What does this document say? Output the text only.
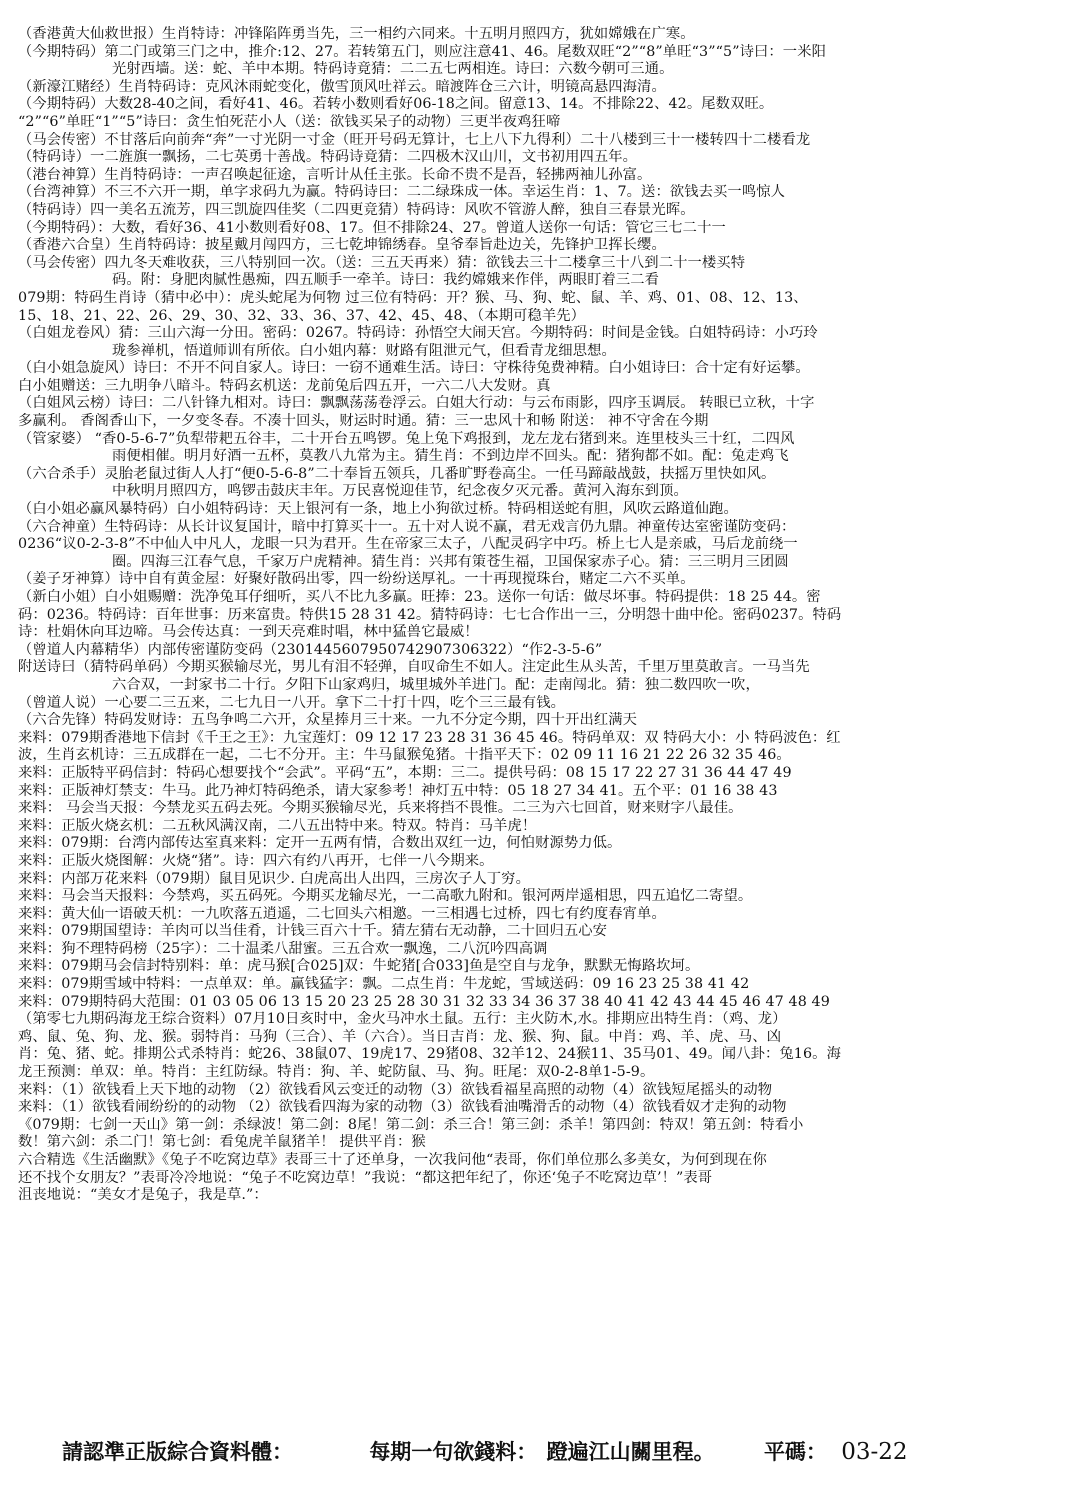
（香港黄大仙救世报）生肖特诗：冲锋陷阵勇当先，三一相约六同来。十五明月照四方，犹如嫦娥在广寒。
（今期特码）第二门或第三门之中，推介:12、27。若转第五门，则应注意41、46。尾数双旺“2”“8”单旺“3”“5”诗曰：一米阳
光射西墙。送：蛇、羊中本期。特码诗竟猜：二二五七两相连。诗曰：六数今朝可三通。
（新濠江赌经）生肖特码诗：克风沐雨蛇变化，傲雪顶风吐祥云。暗渡阵仓三六计，明镜高悬四海清。
（今期特码）大数28-40之间，看好41、46。若转小数则看好06-18之间。留意13、14。不排除22、42。尾数双旺。
“2”“6”单旺“1”“5”诗曰：贪生怕死茫小人（送：欲钱买呆子的动物）三更半夜鸡狂啼
（马会传密）不甘落后向前奔“奔”一寸光阴一寸金（旺开号码无算计，七上八下九得利）二十八楼到三十一楼转四十二楼看龙
（特码诗）一二旌旗一飘扬，二七英勇十善战。特码诗竟猜：二四极木汉山川，文书初用四五年。
（港台神算）生肖特码诗：一声召唤起征途，言听计从任主张。长命不贵不是吾，轻拂两袖儿孙富。
（台湾神算）不三不六开一期，单字求码九为赢。特码诗曰：二二绿珠成一体。幸运生肖：1、7。送：欲钱去买一鸣惊人
（特码诗）四一美名五流芳，四三凯旋四佳奖（二四更竞猜）特码诗：风吹不管游人醉，独自三春景光晖。
（今期特码）：大数，看好36、41小数则看好08、17。但不排除24、27。曾道人送你一句话：管它三七二十一
（香港六合皇）生肖特码诗：披星戴月闯四方，三七乾坤锦绣春。皇爷奉旨赴边关，先锋护卫挥长缨。
（马会传密）四九冬天难收获，三八特别回一次。（送：三五天再来）猜：欲钱去三十二楼拿三十八到二十一楼买特
码。附：身肥肉腻性愚痴，四五顺手一牵羊。诗曰：我约嫦娥来作伴，两眼盯着三二看
079期：特码生肖诗（猜中必中）：虎头蛇尾为何物 过三位有特码：开？猴、马、狗、蛇、鼠、羊、鸡、01、08、12、13、
15、18、21、22、26、29、30、32、33、36、37、42、45、48、（本期可稳羊先）
（白姐龙卷风）猜：三山六海一分田。密码：0267。特码诗：孙悟空大闹天宫。今期特码：时间是金钱。白姐特码诗：小巧玲
珑参禅机，悟道师训有所依。白小姐内幕：财路有阻泄元气，但看青龙细思想。
（白小姐急旋风）诗曰：不开不问自家人。诗曰：一窃不通难生活。诗曰：守株待兔费神精。白小姐诗曰：合十定有好运攀。
白小姐赠送：三九明争八暗斗。特码玄机送：龙前兔后四五开，一六二八大发财。真
（白姐风云榜）诗曰：二八针锋九相对。诗曰：飘飘荡荡卷浮云。白姐大行动：与云布雨影，四序玉调辰。 转眼已立秋，十字
多赢利。 香阁香山下，一夕变冬春。不凑十回头，财运时时通。猜：三一忠风十和畅 附送： 神不守舍在今期
（管家婆） “香0-5-6-7”负犁带耙五谷丰，二十开台五鸣锣。兔上兔下鸡报到，龙左龙右猪到来。连里枝头三十红，二四风
雨便相催。明月好酒一五杯，莫教八九常为主。猜生肖：不到边岸不回头。配：猪狗都不如。配：兔走鸡飞
（六合杀手）灵胎老鼠过街人人打“便0-5-6-8”二十奉旨五领兵，几番旷野卷高尘。一任马蹄敲战鼓，扶摇万里快如风。
中秋明月照四方，鸣锣击鼓庆丰年。万民喜悦迎佳节，纪念夜夕灭元番。黄河入海东到顶。
（白小姐必赢风暴特码）白小姐特码诗：天上银河有一条，地上小狗欲过桥。特码相送蛇有胆，风吹云路道仙跑。
（六合神童）生特码诗：从长计议复国计，暗中打算买十一。五十对人说不赢，君无戏言仍九鼎。神童传达室密谨防变码：
0236“议0-2-3-8”不中仙人中凡人，龙眼一只为君开。生在帝家三太子，八配灵码字中巧。桥上七人是亲戚，马后龙前绕一
圈。四海三江春气息，千家万户虎精神。猜生肖：兴邦有策苍生福，卫国保家赤子心。猜：三三明月三团圆
（姜子牙神算）诗中自有黄金屋：好聚好散码出零，四一纷纷送厚礼。一十再现搅珠台，赌定二六不买单。
（新白小姐）白小姐赐赠：洗净兔耳仔细听，买八不比九多赢。旺捧：23。送你一句话：做尽坏事。特码提供：18 25 44。密
码：0236。特码诗：百年世事：历来富贵。特供15 28 31 42。猜特码诗：七七合作出一三，分明怨十曲中伦。密码0237。特码
诗：杜娟休向耳边啼。马会传达真：一到天亮难时唱，林中猛兽它最威！
（曾道人内幕精华）内部传密谨防变码（23014456079507429073063​22）“作2-3-5-6”
附送诗曰（猜特码单码）今期买猴输尽光，男儿有泪不轻弹，自叹命生不如人。注定此生从头苦，千里万里莫敢言。一马当先
六合双，一封家书二十行。夕阳下山家鸡归，城里城外羊进门。配：走南闯北。猜：独二数四吹一吹，
（曾道人说）一心要二三五来，二七九日一八开。拿下二十打十四，吃个三三最有钱。
（六合先锋）特码发财诗：五鸟争鸣二六开，众星捧月三十来。一九不分定今期，四十开出红满天
来料：079期香港地下信封《千王之王》：九宝莲灯：09 12 17 23 28 31 36 45 46。特码单双：双 特码大小：小 特码波色：红
波，生肖玄机诗：三五成群在一起，二七不分开。主：牛马鼠猴兔猪。十指平天下：02 09 11 16 21 22 26 32 35 46。
来料：正版特平码信封：特码心想要找个“会武”。平码“五”，本期：三二。提供号码：08 15 17 22 27 31 36 44 47 49
来料：正版神灯禁支：牛马。此乃神灯特码绝杀，请大家参考！神灯五中特：05 18 27 34 41。五个平：01 16 38 43
来料： 马会当天报：今禁龙买五码去死。今期买猴输尽光，兵来将挡不畏惟。二三为六七回首，财来财字八最佳。
来料：正版火烧玄机：二五秋风满汉南，二八五出特中来。特双。特肖：马羊虎！
来料：079期：台湾内部传达室真来料：定开一五两有情，合数出双红一边，何怕财源势力低。
来料：正版火烧图解：火烧“猪”。诗：四六有约八再开，七伴一八今期来。
来料：内部万花来料（079期）鼠目见识少. 白虎高出人出四，三房次子人丁穷。
来料：马会当天报料：今禁鸡，买五码死。今期买龙输尽光，一二高歌九附和。银河两岸遥相思，四五追忆二寄望。
来料：黄大仙一语破天机：一九吹落五逍遥，二七回头六相邀。一三相遇七过桥，四七有约度春宵单。
来料：079期国望诗：羊肉可以当佳肴，计钱三百六十千。猜左猜右无动静，二十回归五心安
来料：狗不理特码榜（25字）：二十温柔八甜蜜。三五合欢一飘逸，二八沉吟四高调
来料：079期马会信封特别料：单：虎马猴[合025]双：牛蛇猪[合033]鱼是空自与龙争，默默无悔路坎坷。
来料：079期雪域中特料：一点单双：单。赢钱猛字：飘。二点生肖：牛龙蛇，雪域送码：09 16 23 25 38 41 42
来料：079期特码大范围：01 03 05 06 13 15 20 23 25 28 30 31 32 33 34 36 37 38 40 41 42 43 44 45 46 47 48 49
（第零七九期码海龙王综合资料）07月10日亥时中，金火马冲水土鼠。五行：主火防木,水。排期应出特生肖：（鸡、龙）
鸡、鼠、兔、狗、龙、猴。弱特肖：马狗（三合）、羊（六合）。当日吉肖：龙、猴、狗、鼠。中肖：鸡、羊、虎、马、凶
肖：兔、猪、蛇。排期公式杀特肖：蛇26、38鼠07、19虎17、29猪08、32羊12、24猴11、35马01、49。闻八卦：兔16。海
龙王预测：单双：单。特肖：主红防绿。特肖：狗、羊、蛇防鼠、马、狗。旺尾：双0-2-8单1-5-9。
来料：（1）欲钱看上天下地的动物 （2）欲钱看风云变迁的动物（3）欲钱看福星高照的动物（4）欲钱短尾摇头的动物
来料：（1）欲钱看闹纷纷的的动物 （2）欲钱看四海为家的动物（3）欲钱看油嘴滑舌的动物（4）欲钱看奴才走狗的动物
《079期：七剑一天山》第一剑：杀绿波！第二剑：8尾！第二剑：杀三合！第三剑：杀羊！第四剑：特双！第五剑：特看小
数！第六剑：杀二门！第七剑：看兔虎羊鼠猪羊！ 提供平肖：猴
六合精选《生活幽默》《兔子不吃窝边草》表哥三十了还单身，一次我问他“表哥，你们单位那么多美女，为何到现在你
还不找个女朋友？”表哥冷冷地说：“兔子不吃窝边草！”我说：“都这把年纪了，你还‘兔子不吃窝边草’！”表哥
沮丧地说：“美女才是兔子，我是草.”：
請認準正版綜合資料體：	每期一句欲錢料： 蹬遍江山關里程。 平碼： 03-22
